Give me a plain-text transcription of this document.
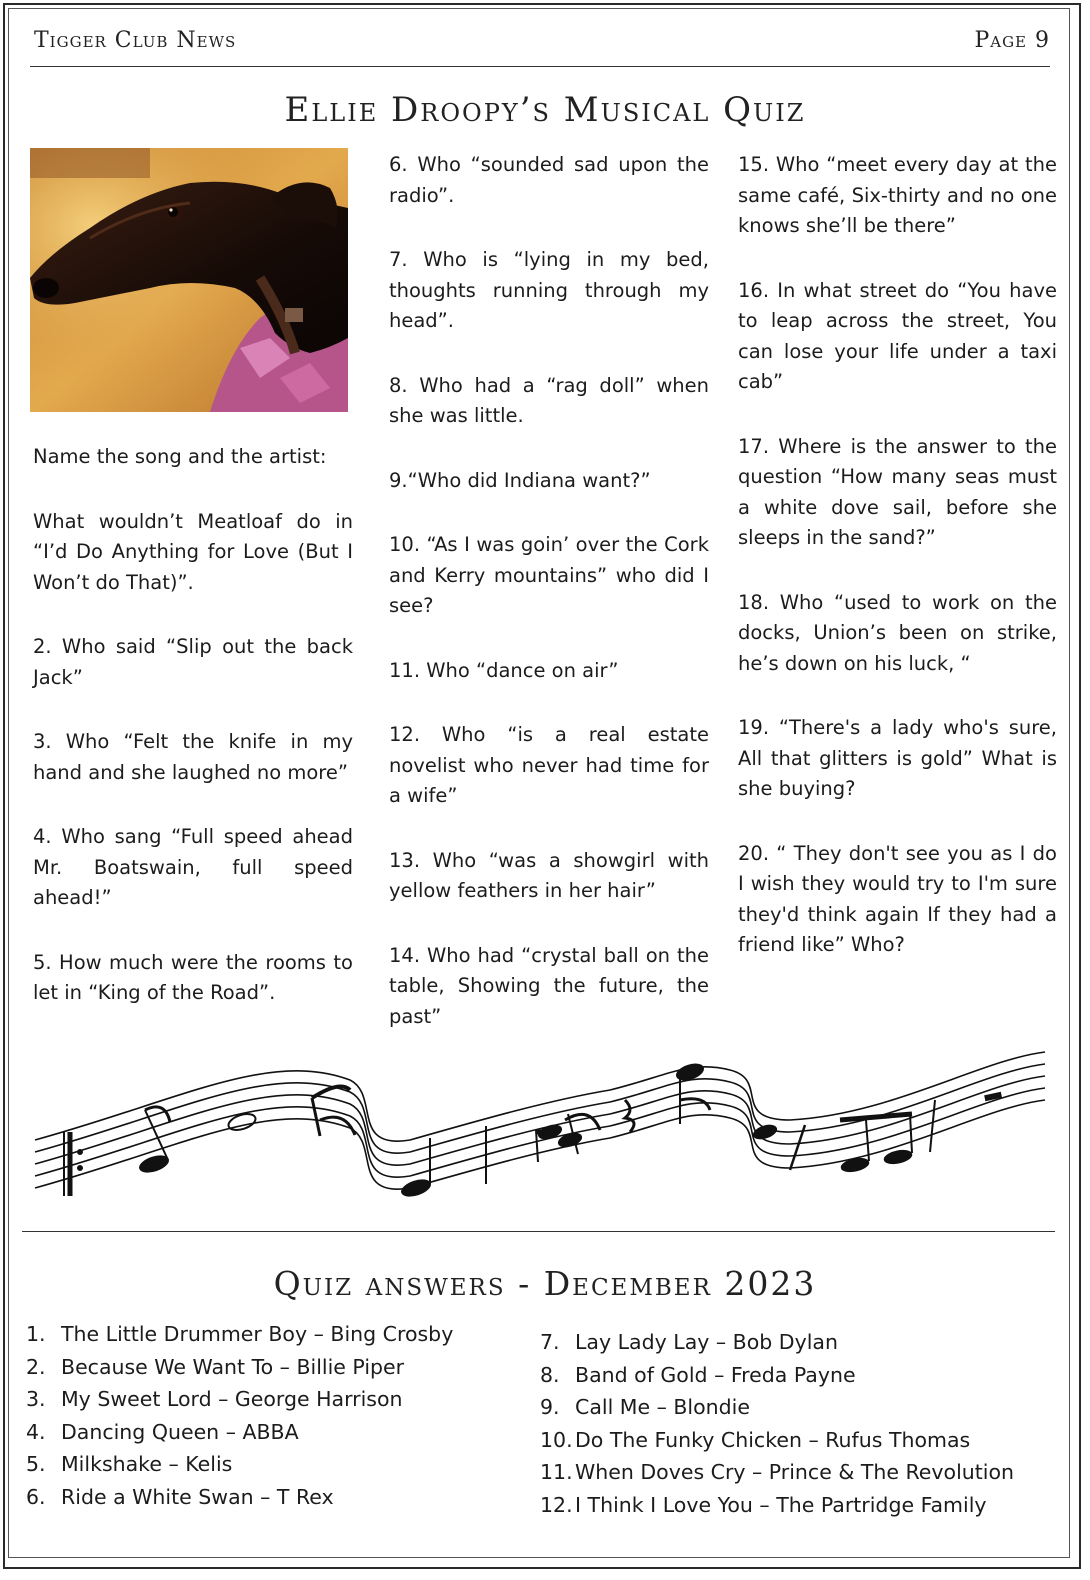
Tigger Club News	Page 9
Ellie Droopy’s Musical Quiz

Name the song and the artist:

What wouldn’t Meatloaf do in “I’d Do Anything for Love (But I Won’t do That)”.

2. Who said “Slip out the back Jack”

3. Who “Felt the knife in my hand and she laughed no more”

4. Who sang “Full speed ahead Mr. Boatswain, full speed ahead!”

5. How much were the rooms to let in “King of the Road”.

6. Who “sounded sad upon the radio”.

7. Who is “lying in my bed, thoughts running through my head”.

8. Who had a “rag doll” when she was little.

9.“Who did Indiana want?”

10. “As I was goin’ over the Cork and Kerry mountains” who did I see?

11. Who “dance on air”

12. Who “is a real estate novelist who never had time for a wife”

13. Who “was a showgirl with yellow feathers in her hair”

14. Who had “crystal ball on the table, Showing the future, the past”

15. Who “meet every day at the same café, Six-thirty and no one knows she’ll be there”

16. In what street do “You have to leap across the street, You can lose your life under a taxi cab”

17. Where is the answer to the question “How many seas must a white dove sail, before she sleeps in the sand?”

18. Who “used to work on the docks, Union’s been on strike, he’s down on his luck, “

19. “There's a lady who's sure, All that glitters is gold” What is she buying?

20. “ They don't see you as I do I wish they would try to I'm sure they'd think again If they had a friend like” Who?

Quiz answers - December 2023
1. The Little Drummer Boy – Bing Crosby
2. Because We Want To – Billie Piper
3. My Sweet Lord – George Harrison
4. Dancing Queen – ABBA
5. Milkshake – Kelis
6. Ride a White Swan – T Rex
7. Lay Lady Lay – Bob Dylan
8. Band of Gold – Freda Payne
9. Call Me – Blondie
10. Do The Funky Chicken – Rufus Thomas
11. When Doves Cry – Prince & The Revolution
12. I Think I Love You – The Partridge Family
